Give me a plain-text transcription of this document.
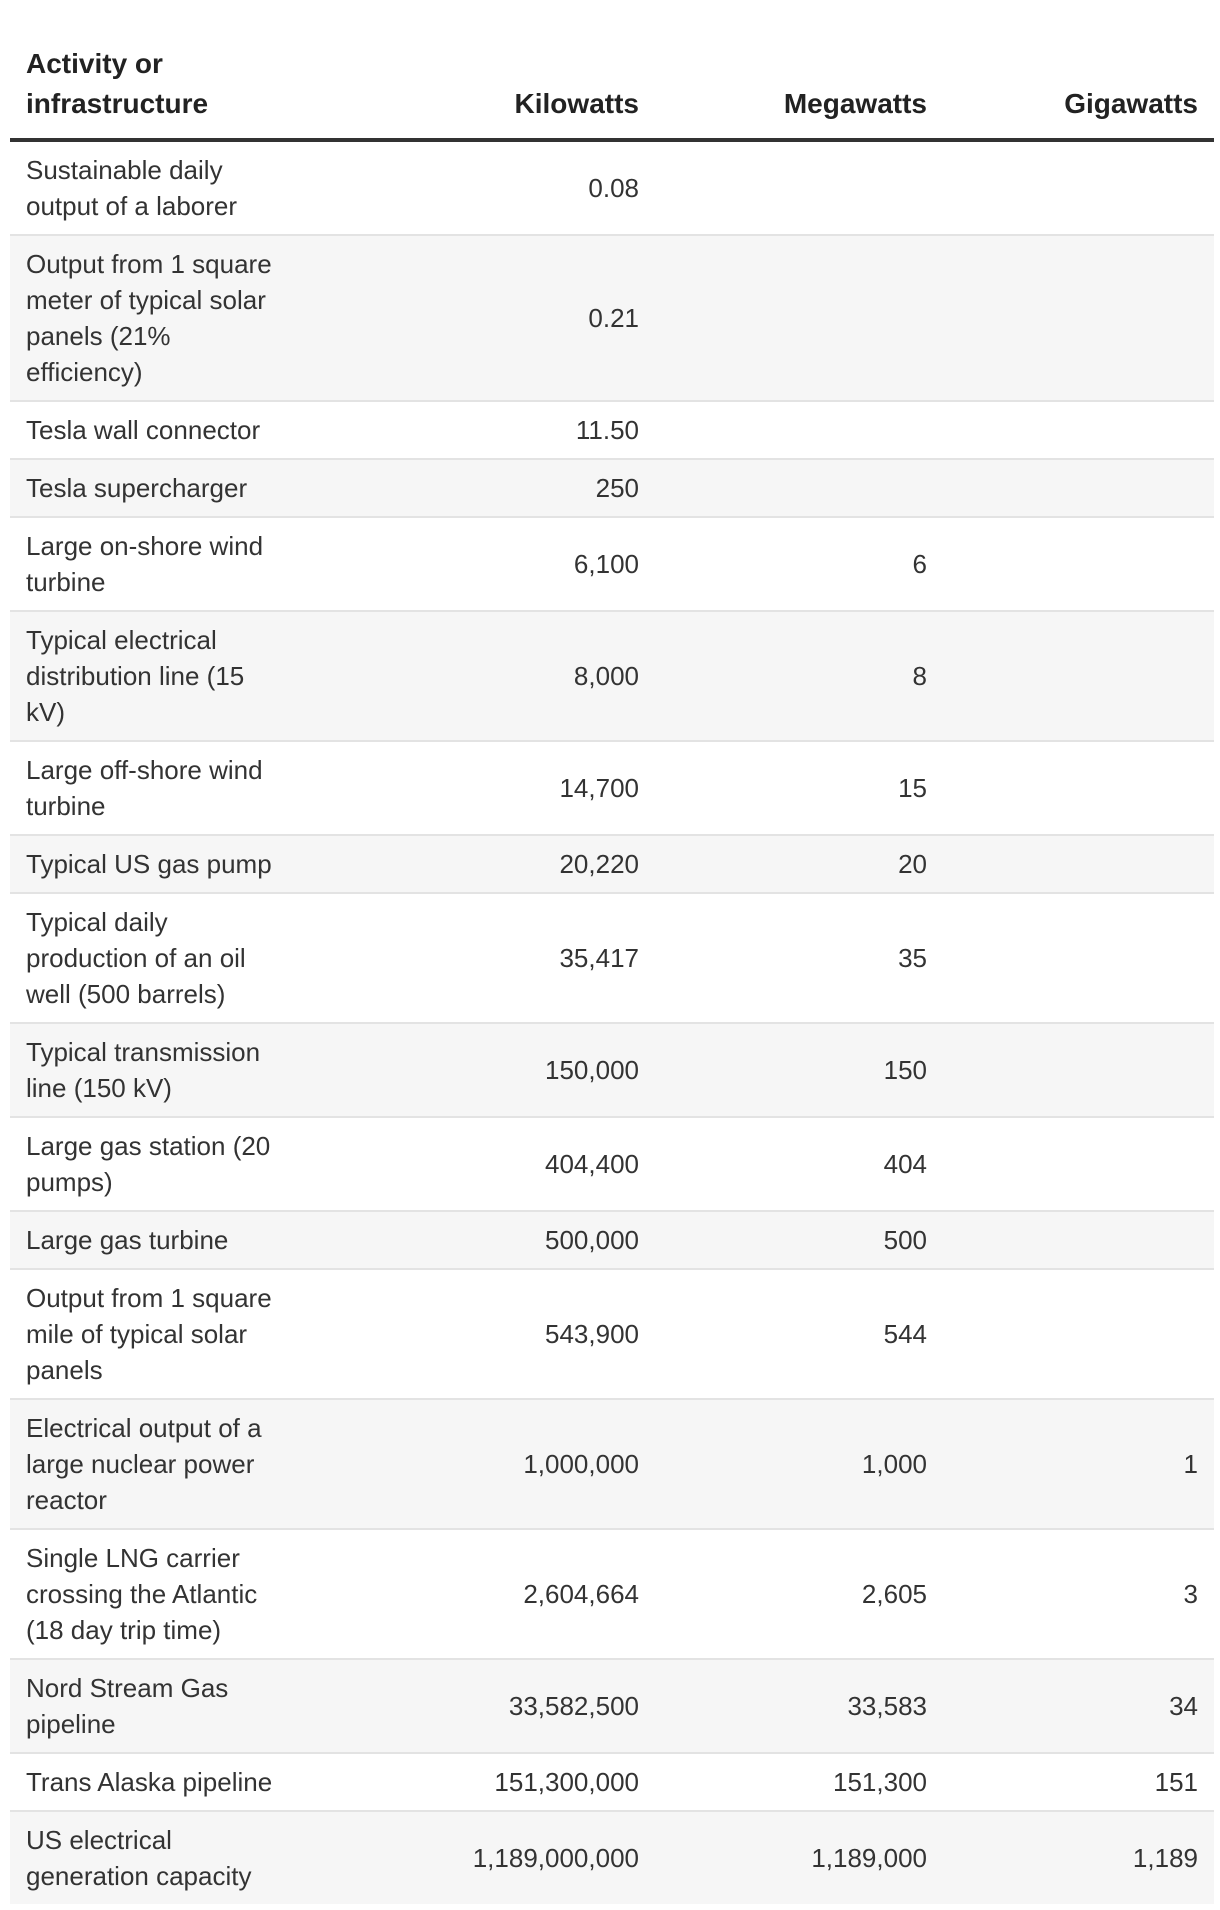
Activity or infrastructure	Kilowatts	Megawatts	Gigawatts
Sustainable daily output of a laborer	0.08		
Output from 1 square meter of typical solar panels (21% efficiency)	0.21		
Tesla wall connector	11.50		
Tesla supercharger	250		
Large on-shore wind turbine	6,100	6	
Typical electrical distribution line (15 kV)	8,000	8	
Large off-shore wind turbine	14,700	15	
Typical US gas pump	20,220	20	
Typical daily production of an oil well (500 barrels)	35,417	35	
Typical transmission line (150 kV)	150,000	150	
Large gas station (20 pumps)	404,400	404	
Large gas turbine	500,000	500	
Output from 1 square mile of typical solar panels	543,900	544	
Electrical output of a large nuclear power reactor	1,000,000	1,000	1
Single LNG carrier crossing the Atlantic (18 day trip time)	2,604,664	2,605	3
Nord Stream Gas pipeline	33,582,500	33,583	34
Trans Alaska pipeline	151,300,000	151,300	151
US electrical generation capacity	1,189,000,000	1,189,000	1,189
